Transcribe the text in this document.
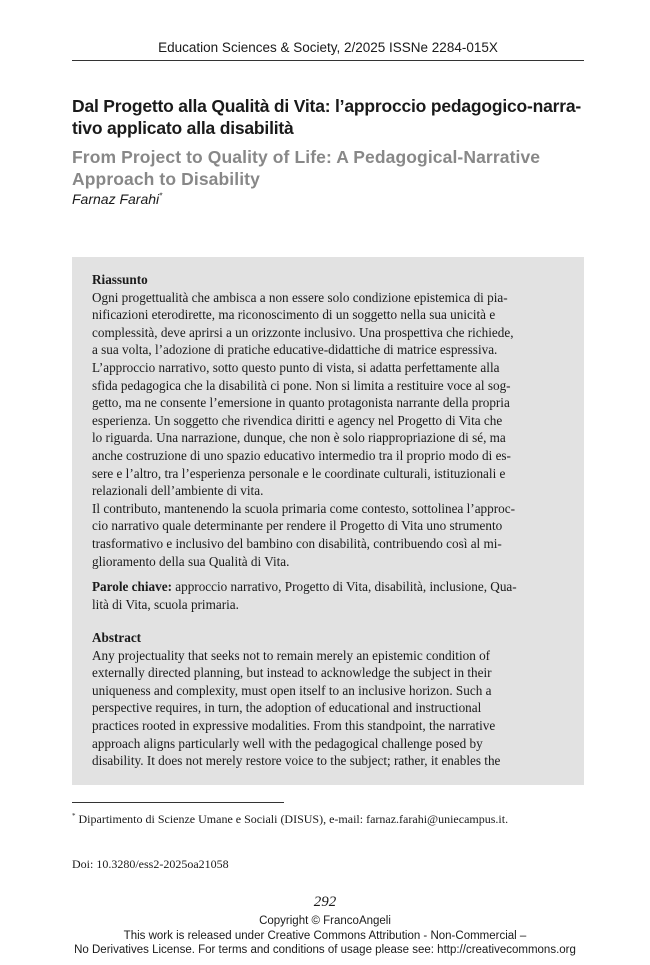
Education Sciences & Society, 2/2025 ISSNe 2284-015X
Dal Progetto alla Qualità di Vita: l’approccio pedagogico-narra-
tivo applicato alla disabilità
From Project to Quality of Life: A Pedagogical-Narrative
Approach to Disability
Farnaz Farahi*
Riassunto
Ogni progettualità che ambisca a non essere solo condizione epistemica di pia-
nificazioni eterodirette, ma riconoscimento di un soggetto nella sua unicità e
complessità, deve aprirsi a un orizzonte inclusivo. Una prospettiva che richiede,
a sua volta, l’adozione di pratiche educative-didattiche di matrice espressiva.
L’approccio narrativo, sotto questo punto di vista, si adatta perfettamente alla
sfida pedagogica che la disabilità ci pone. Non si limita a restituire voce al sog-
getto, ma ne consente l’emersione in quanto protagonista narrante della propria
esperienza. Un soggetto che rivendica diritti e agency nel Progetto di Vita che
lo riguarda. Una narrazione, dunque, che non è solo riappropriazione di sé, ma
anche costruzione di uno spazio educativo intermedio tra il proprio modo di es-
sere e l’altro, tra l’esperienza personale e le coordinate culturali, istituzionali e
relazionali dell’ambiente di vita.
Il contributo, mantenendo la scuola primaria come contesto, sottolinea l’approc-
cio narrativo quale determinante per rendere il Progetto di Vita uno strumento
trasformativo e inclusivo del bambino con disabilità, contribuendo così al mi-
glioramento della sua Qualità di Vita.
Parole chiave: approccio narrativo, Progetto di Vita, disabilità, inclusione, Qua-
lità di Vita, scuola primaria.
Abstract
Any projectuality that seeks not to remain merely an epistemic condition of
externally directed planning, but instead to acknowledge the subject in their
uniqueness and complexity, must open itself to an inclusive horizon. Such a
perspective requires, in turn, the adoption of educational and instructional
practices rooted in expressive modalities. From this standpoint, the narrative
approach aligns particularly well with the pedagogical challenge posed by
disability. It does not merely restore voice to the subject; rather, it enables the
* Dipartimento di Scienze Umane e Sociali (DISUS), e-mail: farnaz.farahi@uniecampus.it.
Doi: 10.3280/ess2-2025oa21058
292
Copyright © FrancoAngeli
This work is released under Creative Commons Attribution - Non-Commercial –
No Derivatives License. For terms and conditions of usage please see: http://creativecommons.org
